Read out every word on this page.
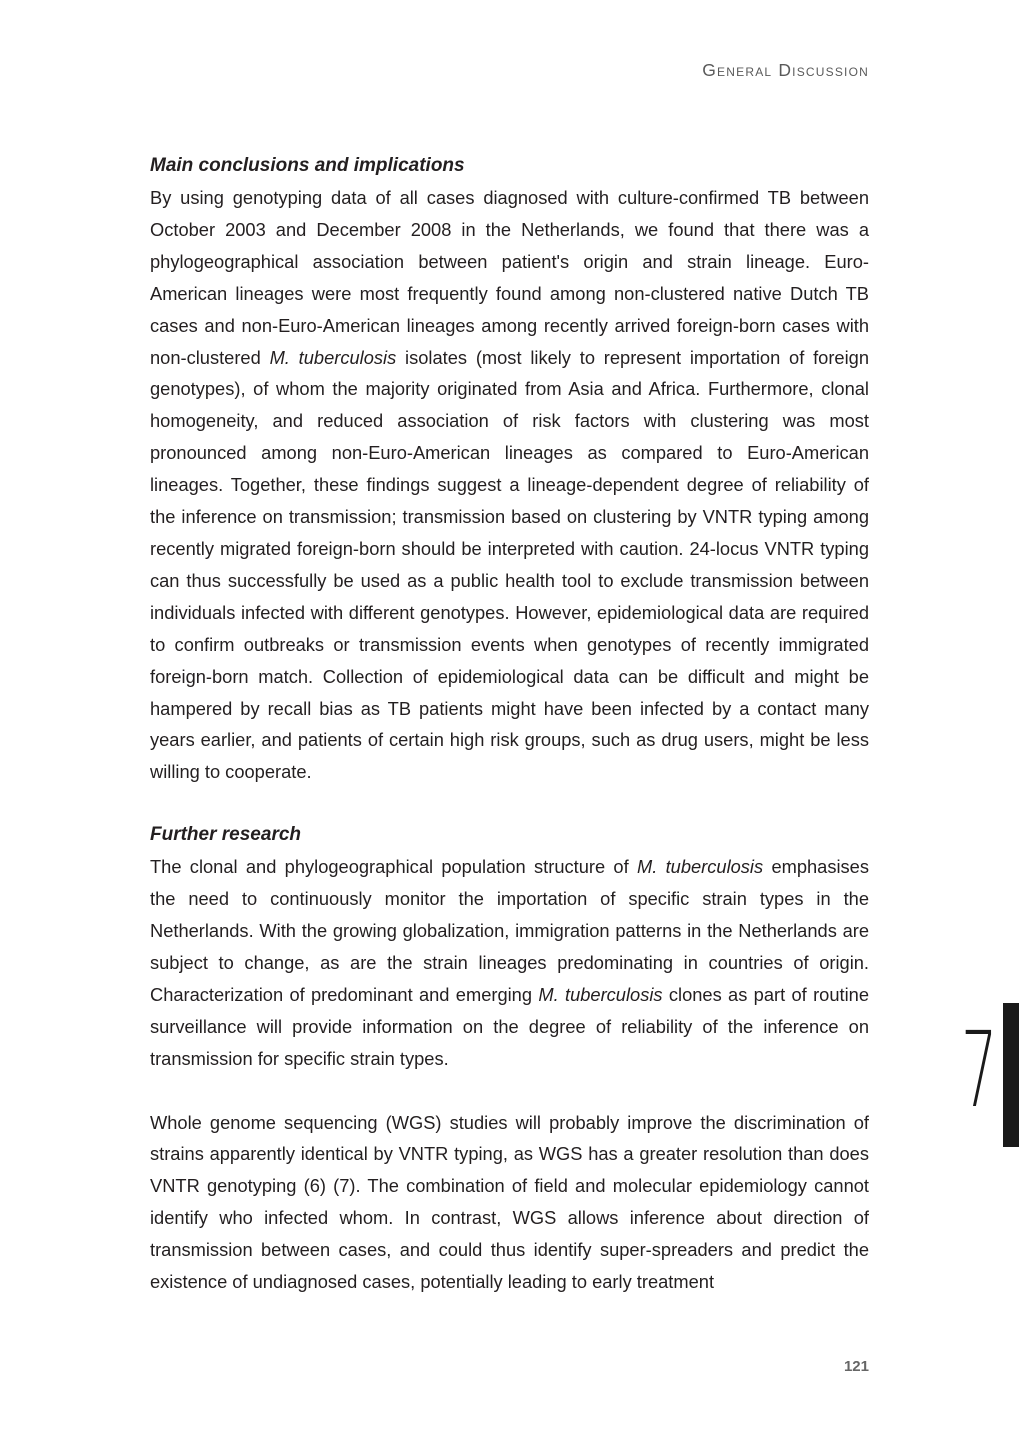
General Discussion
Main conclusions and implications

By using genotyping data of all cases diagnosed with culture-confirmed TB between October 2003 and December 2008 in the Netherlands, we found that there was a phylogeographical association between patient's origin and strain lineage. Euro-American lineages were most frequently found among non-clustered native Dutch TB cases and non-Euro-American lineages among recently arrived foreign-born cases with non-clustered M. tuberculosis isolates (most likely to represent importation of foreign genotypes), of whom the majority originated from Asia and Africa. Furthermore, clonal homogeneity, and reduced association of risk factors with clustering was most pronounced among non-Euro-American lineages as compared to Euro-American lineages. Together, these findings suggest a lineage-dependent degree of reliability of the inference on transmission; transmission based on clustering by VNTR typing among recently migrated foreign-born should be interpreted with caution. 24-locus VNTR typing can thus successfully be used as a public health tool to exclude transmission between individuals infected with different genotypes. However, epidemiological data are required to confirm outbreaks or transmission events when genotypes of recently immigrated foreign-born match. Collection of epidemiological data can be difficult and might be hampered by recall bias as TB patients might have been infected by a contact many years earlier, and patients of certain high risk groups, such as drug users, might be less willing to cooperate.

Further research

The clonal and phylogeographical population structure of M. tuberculosis emphasises the need to continuously monitor the importation of specific strain types in the Netherlands. With the growing globalization, immigration patterns in the Netherlands are subject to change, as are the strain lineages predominating in countries of origin. Characterization of predominant and emerging M. tuberculosis clones as part of routine surveillance will provide information on the degree of reliability of the inference on transmission for specific strain types.

Whole genome sequencing (WGS) studies will probably improve the discrimination of strains apparently identical by VNTR typing, as WGS has a greater resolution than does VNTR genotyping (6) (7). The combination of field and molecular epidemiology cannot identify who infected whom. In contrast, WGS allows inference about direction of transmission between cases, and could thus identify super-spreaders and predict the existence of undiagnosed cases, potentially leading to early treatment

7
121
